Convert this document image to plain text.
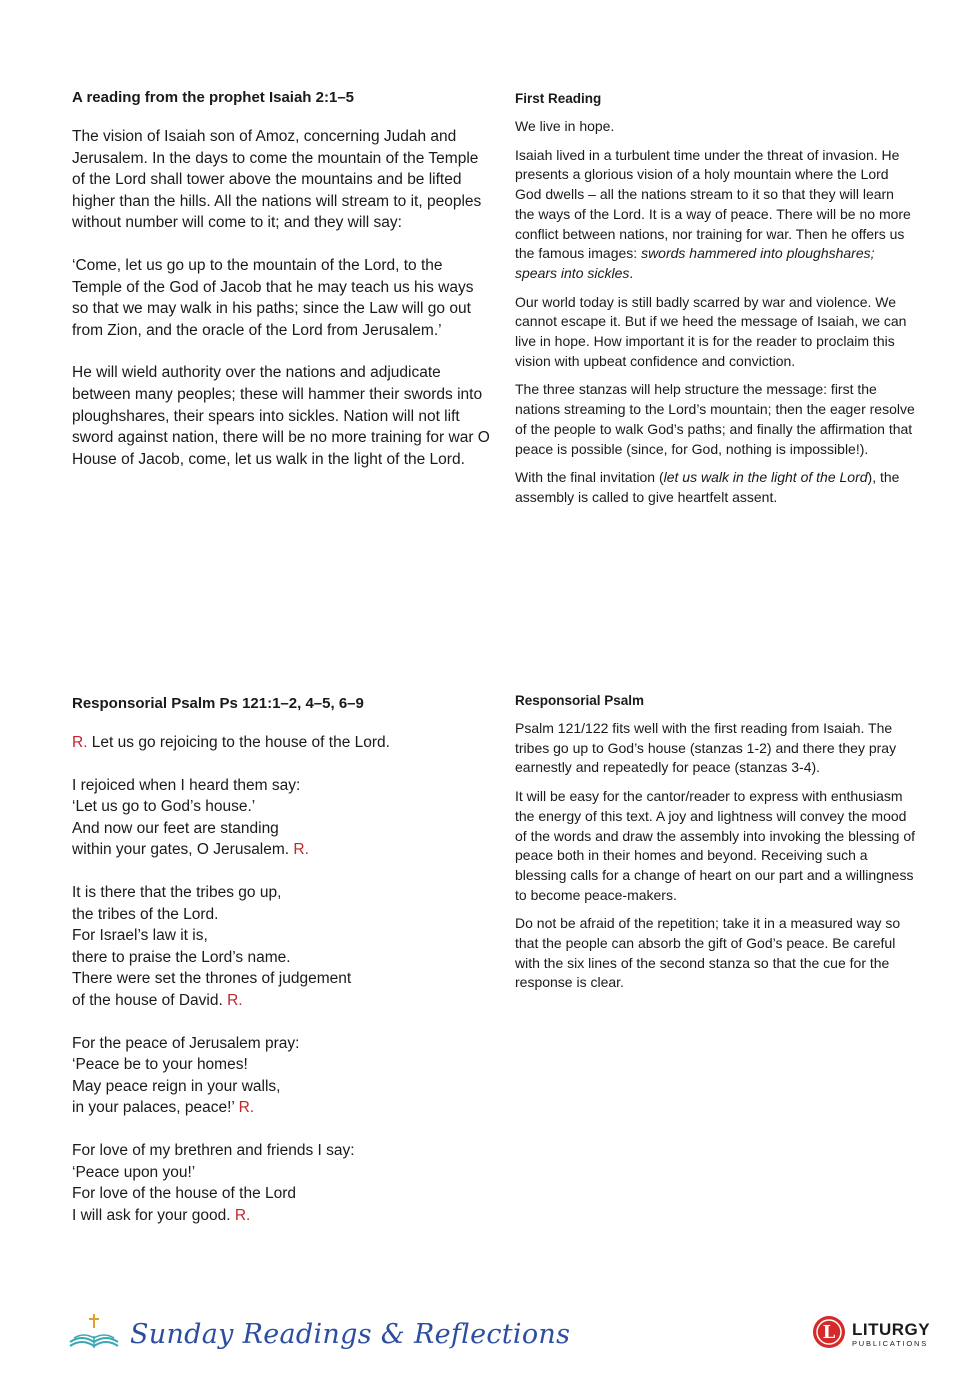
A reading from the prophet Isaiah 2:1–5

The vision of Isaiah son of Amoz, concerning Judah and Jerusalem. In the days to come the mountain of the Temple of the Lord shall tower above the mountains and be lifted higher than the hills. All the nations will stream to it, peoples without number will come to it; and they will say:

‘Come, let us go up to the mountain of the Lord, to the Temple of the God of Jacob that he may teach us his ways so that we may walk in his paths; since the Law will go out from Zion, and the oracle of the Lord from Jerusalem.’

He will wield authority over the nations and adjudicate between many peoples; these will hammer their swords into ploughshares, their spears into sickles. Nation will not lift sword against nation, there will be no more training for war O House of Jacob, come, let us walk in the light of the Lord.

First Reading

We live in hope.

Isaiah lived in a turbulent time under the threat of invasion. He presents a glorious vision of a holy mountain where the Lord God dwells – all the nations stream to it so that they will learn the ways of the Lord. It is a way of peace. There will be no more conflict between nations, nor training for war. Then he offers us the famous images: swords hammered into ploughshares; spears into sickles.

Our world today is still badly scarred by war and violence. We cannot escape it. But if we heed the message of Isaiah, we can live in hope. How important it is for the reader to proclaim this vision with upbeat confidence and conviction.

The three stanzas will help structure the message: first the nations streaming to the Lord’s mountain; then the eager resolve of the people to walk God’s paths; and finally the affirmation that peace is possible (since, for God, nothing is impossible!).

With the final invitation (let us walk in the light of the Lord), the assembly is called to give heartfelt assent.

Responsorial Psalm Ps 121:1–2, 4–5, 6–9

R. Let us go rejoicing to the house of the Lord.

I rejoiced when I heard them say:
‘Let us go to God’s house.’
And now our feet are standing
within your gates, O Jerusalem. R.

It is there that the tribes go up,
the tribes of the Lord.
For Israel’s law it is,
there to praise the Lord’s name.
There were set the thrones of judgement
of the house of David. R.

For the peace of Jerusalem pray:
‘Peace be to your homes!
May peace reign in your walls,
in your palaces, peace!’ R.

For love of my brethren and friends I say:
‘Peace upon you!’
For love of the house of the Lord
I will ask for your good. R.

Responsorial Psalm

Psalm 121/122 fits well with the first reading from Isaiah. The tribes go up to God’s house (stanzas 1-2) and there they pray earnestly and repeatedly for peace (stanzas 3-4).

It will be easy for the cantor/reader to express with enthusiasm the energy of this text. A joy and lightness will convey the mood of the words and draw the assembly into invoking the blessing of peace both in their homes and beyond. Receiving such a blessing calls for a change of heart on our part and a willingness to become peace-makers.

Do not be afraid of the repetition; take it in a measured way so that the people can absorb the gift of God’s peace. Be careful with the six lines of the second stanza so that the cue for the response is clear.

Sunday Readings & Reflections	L LITURGY
PUBLICATIONS
